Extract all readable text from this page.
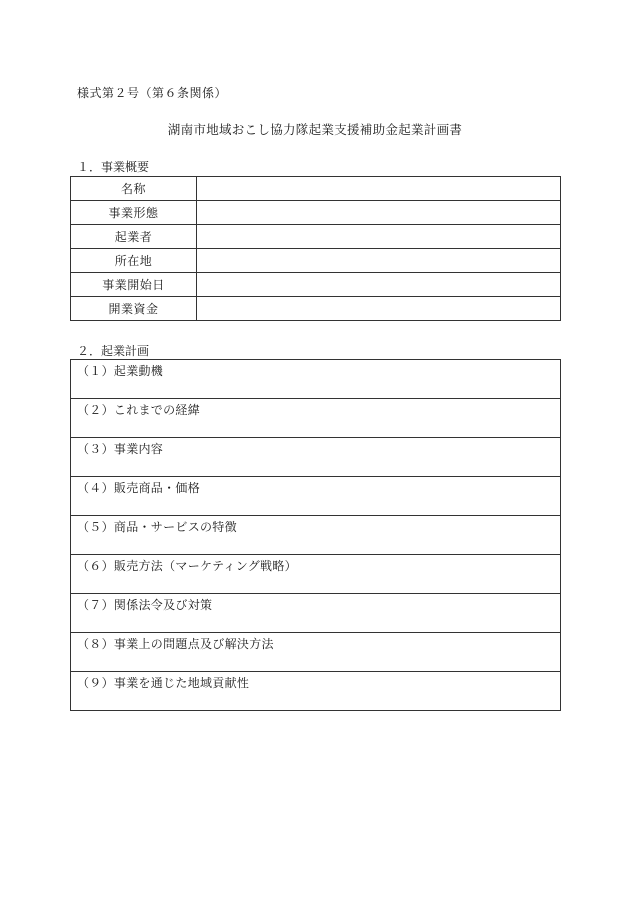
様式第２号（第６条関係）
湖南市地域おこし協力隊起業支援補助金起業計画書
１．事業概要
名称	
事業形態	
起業者	
所在地	
事業開始日	
開業資金	
２．起業計画
（１）起業動機
（２）これまでの経緯
（３）事業内容
（４）販売商品・価格
（５）商品・サービスの特徴
（６）販売方法（マーケティング戦略）
（７）関係法令及び対策
（８）事業上の問題点及び解決方法
（９）事業を通じた地域貢献性
